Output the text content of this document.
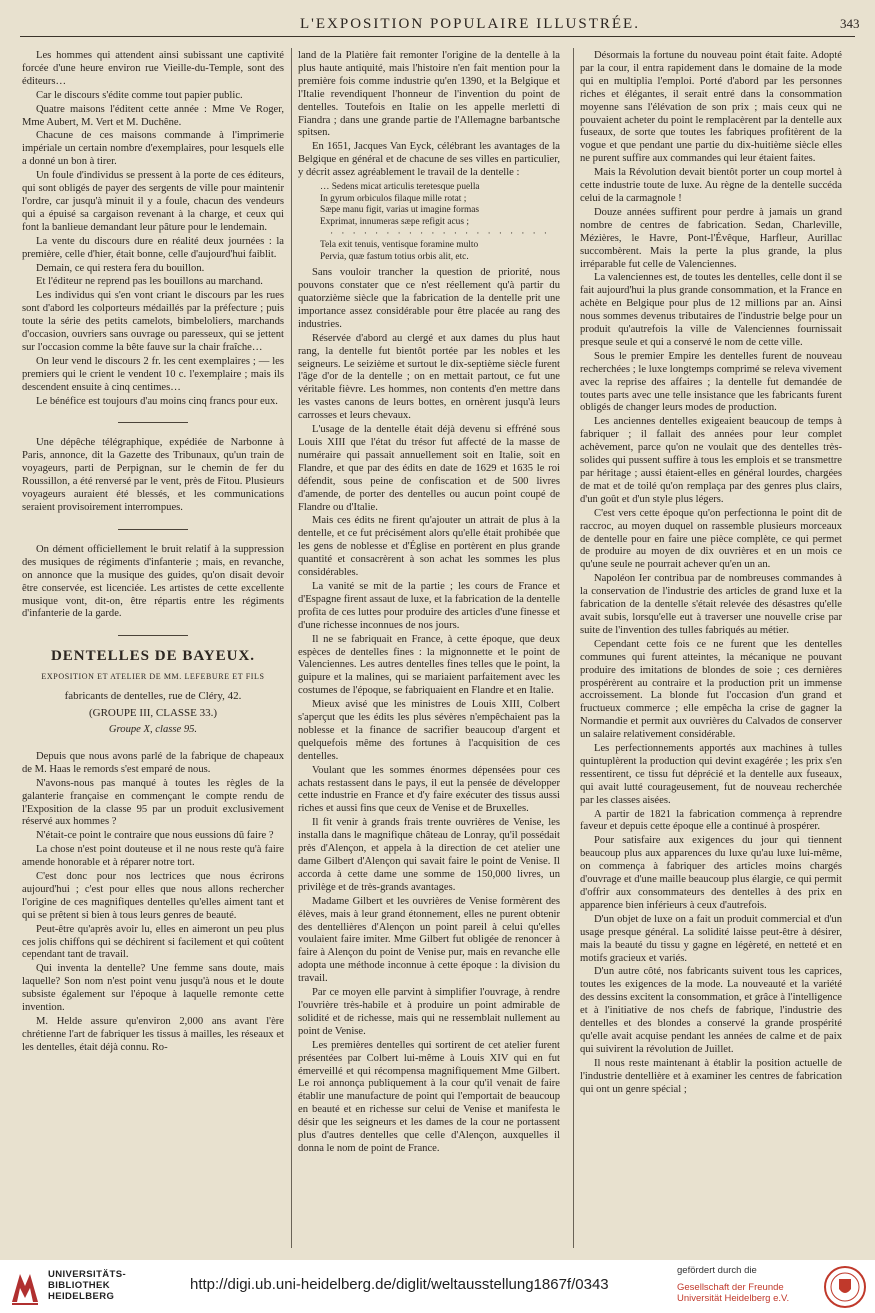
L'EXPOSITION POPULAIRE ILLUSTRÉE.	343

Les hommes qui attendent ainsi subissant une captivité forcée d'une heure environ rue Vieille-du-Temple, sont des éditeurs…

Car le discours s'édite comme tout papier public.

Quatre maisons l'éditent cette année : Mme Ve Roger, Mme Aubert, M. Vert et M. Duchêne.

Chacune de ces maisons commande à l'imprimerie impériale un certain nombre d'exemplaires, pour lesquels elle a donné un bon à tirer.

Un foule d'individus se pressent à la porte de ces éditeurs, qui sont obligés de payer des sergents de ville pour maintenir l'ordre, car jusqu'à minuit il y a foule, chacun des vendeurs qui a épuisé sa cargaison revenant à la charge, et ceux qui font la banlieue demandant leur pâture pour le lendemain.

La vente du discours dure en réalité deux journées : la première, celle d'hier, était bonne, celle d'aujourd'hui faiblit.

Demain, ce qui restera fera du bouillon.

Et l'éditeur ne reprend pas les bouillons au marchand.

Les individus qui s'en vont criant le discours par les rues sont d'abord les colporteurs médaillés par la préfecture ; puis toute la série des petits camelots, bimbeloliers, marchands d'occasion, ouvriers sans ouvrage ou paresseux, qui se jettent sur l'occasion comme la bête fauve sur la chair fraîche…

On leur vend le discours 2 fr. les cent exemplaires ; — les premiers qui le crient le vendent 10 c. l'exemplaire ; mais ils descendent ensuite à cinq centimes…

Le bénéfice est toujours d'au moins cinq francs pour eux.

Une dépêche télégraphique, expédiée de Narbonne à Paris, annonce, dit la Gazette des Tribunaux, qu'un train de voyageurs, parti de Perpignan, sur le chemin de fer du Roussillon, a été renversé par le vent, près de Fitou. Plusieurs voyageurs auraient été blessés, et les communications seraient provisoirement interrompues.

On dément officiellement le bruit relatif à la suppression des musiques de régiments d'infanterie ; mais, en revanche, on annonce que la musique des guides, qu'on disait devoir être conservée, est licenciée. Les artistes de cette excellente musique vont, dit-on, être répartis entre les régiments d'infanterie de la garde.

DENTELLES DE BAYEUX.
EXPOSITION ET ATELIER DE MM. LEFEBURE ET FILS
fabricants de dentelles, rue de Cléry, 42.
(GROUPE III, CLASSE 33.)
Groupe X, classe 95.

Depuis que nous avons parlé de la fabrique de chapeaux de M. Haas le remords s'est emparé de nous.

N'avons-nous pas manqué à toutes les règles de la galanterie française en commençant le compte rendu de l'Exposition de la classe 95 par un produit exclusivement réservé aux hommes ?

N'était-ce point le contraire que nous eussions dû faire ?

La chose n'est point douteuse et il ne nous reste qu'à faire amende honorable et à réparer notre tort.

C'est donc pour nos lectrices que nous écrirons aujourd'hui ; c'est pour elles que nous allons rechercher l'origine de ces magnifiques dentelles qu'elles aiment tant et qui se prêtent si bien à tous leurs genres de beauté.

Peut-être qu'après avoir lu, elles en aimeront un peu plus ces jolis chiffons qui se déchirent si facilement et qui coûtent cependant tant de travail.

Qui inventa la dentelle? Une femme sans doute, mais laquelle? Son nom n'est point venu jusqu'à nous et le doute subsiste également sur l'époque à laquelle remonte cette invention.

M. Helde assure qu'environ 2,000 ans avant l'ère chrétienne l'art de fabriquer les tissus à mailles, les réseaux et les dentelles, était déjà connu. Ro-

land de la Platière fait remonter l'origine de la dentelle à la plus haute antiquité, mais l'histoire n'en fait mention pour la première fois comme industrie qu'en 1390, et la Belgique et l'Italie revendiquent l'honneur de l'invention du point de dentelles. Toutefois en Italie on les appelle merletti di Fiandra ; dans une grande partie de l'Allemagne barbantsche spitsen.

En 1651, Jacques Van Eyck, célébrant les avantages de la Belgique en général et de chacune de ses villes en particulier, y décrit assez agréablement le travail de la dentelle :

… Sedens micat articulis teretesque puella
In gyrum orbiculos filaque mille rotat ;
Sæpe manu figit, varias ut imagine formas
Exprimat, innumeras sæpe refigit acus ;
· · · · · · · · · · · · · · · · · · · ·
Tela exit tenuis, ventisque foramine multo
Pervia, quæ fastum totius orbis alit, etc.

Sans vouloir trancher la question de priorité, nous pouvons constater que ce n'est réellement qu'à partir du quatorzième siècle que la fabrication de la dentelle prit une importance assez considérable pour être placée au rang des industries.

Réservée d'abord au clergé et aux dames du plus haut rang, la dentelle fut bientôt portée par les nobles et les seigneurs. Le seizième et surtout le dix-septième siècle furent l'âge d'or de la dentelle ; on en mettait partout, ce fut une véritable fièvre. Les hommes, non contents d'en mettre dans les vastes canons de leurs bottes, en ornèrent jusqu'à leurs carrosses et leurs chevaux.

L'usage de la dentelle était déjà devenu si effréné sous Louis XIII que l'état du trésor fut affecté de la masse de numéraire qui passait annuellement soit en Italie, soit en Flandre, et que par des édits en date de 1629 et 1635 le roi défendit, sous peine de confiscation et de 500 livres d'amende, de porter des dentelles ou aucun point coupé de Flandre ou d'Italie.

Mais ces édits ne firent qu'ajouter un attrait de plus à la dentelle, et ce fut précisément alors qu'elle était prohibée que les gens de noblesse et d'Église en portèrent en plus grande quantité et consacrèrent à son achat les sommes les plus considérables.

La vanité se mit de la partie ; les cours de France et d'Espagne firent assaut de luxe, et la fabrication de la dentelle profita de ces luttes pour produire des articles d'une finesse et d'une richesse inconnues de nos jours.

Il ne se fabriquait en France, à cette époque, que deux espèces de dentelles fines : la mignonnette et le point de Valenciennes. Les autres dentelles fines telles que le point, la guipure et la malines, qui se mariaient parfaitement avec les costumes de l'époque, se fabriquaient en Flandre et en Italie.

Mieux avisé que les ministres de Louis XIII, Colbert s'aperçut que les édits les plus sévères n'empêchaient pas la noblesse et la finance de sacrifier beaucoup d'argent et quelquefois même des fortunes à l'acquisition de ces dentelles.

Voulant que les sommes énormes dépensées pour ces achats restassent dans le pays, il eut la pensée de développer cette industrie en France et d'y faire exécuter des tissus aussi riches et aussi fins que ceux de Venise et de Bruxelles.

Il fit venir à grands frais trente ouvrières de Venise, les installa dans le magnifique château de Lonray, qu'il possédait près d'Alençon, et appela à la direction de cet atelier une dame Gilbert d'Alençon qui savait faire le point de Venise. Il accorda à cette dame une somme de 150,000 livres, un privilège et de très-grands avantages.

Madame Gilbert et les ouvrières de Venise formèrent des élèves, mais à leur grand étonnement, elles ne purent obtenir des dentellières d'Alençon un point pareil à celui qu'elles voulaient faire imiter. Mme Gilbert fut obligée de renoncer à faire à Alençon du point de Venise pur, mais en revanche elle adopta une méthode inconnue à cette époque : la division du travail.

Par ce moyen elle parvint à simplifier l'ouvrage, à rendre l'ouvrière très-habile et à produire un point admirable de solidité et de richesse, mais qui ne ressemblait nullement au point de Venise.

Les premières dentelles qui sortirent de cet atelier furent présentées par Colbert lui-même à Louis XIV qui en fut émerveillé et qui récompensa magnifiquement Mme Gilbert. Le roi annonça publiquement à la cour qu'il venait de faire établir une manufacture de point qui l'emportait de beaucoup en beauté et en richesse sur celui de Venise et manifesta le désir que les seigneurs et les dames de la cour ne portassent plus d'autres dentelles que celle d'Alençon, auxquelles il donna le nom de point de France.

Désormais la fortune du nouveau point était faite. Adopté par la cour, il entra rapidement dans le domaine de la mode qui en multiplia l'emploi. Porté d'abord par les personnes riches et élégantes, il serait entré dans la consommation moyenne sans l'élévation de son prix ; mais ceux qui ne pouvaient acheter du point le remplacèrent par la dentelle aux fuseaux, de sorte que toutes les fabriques profitèrent de la vogue et que pendant une partie du dix-huitième siècle elles ne purent suffire aux commandes qui leur étaient faites.

Mais la Révolution devait bientôt porter un coup mortel à cette industrie toute de luxe. Au règne de la dentelle succéda celui de la carmagnole !

Douze années suffirent pour perdre à jamais un grand nombre de centres de fabrication. Sedan, Charleville, Mézières, le Havre, Pont-l'Évêque, Harfleur, Aurillac succombèrent. Mais la perte la plus grande, la plus irréparable fut celle de Valenciennes.

La valenciennes est, de toutes les dentelles, celle dont il se fait aujourd'hui la plus grande consommation, et la France en achète en Belgique pour plus de 12 millions par an. Ainsi nous sommes devenus tributaires de l'industrie belge pour un produit qu'autrefois la ville de Valenciennes fournissait presque seule et qui a conservé le nom de cette ville.

Sous le premier Empire les dentelles furent de nouveau recherchées ; le luxe longtemps comprimé se releva vivement avec la reprise des affaires ; la dentelle fut demandée de toutes parts avec une telle insistance que les fabricants furent obligés de changer leurs modes de production.

Les anciennes dentelles exigeaient beaucoup de temps à fabriquer ; il fallait des années pour leur complet achèvement, parce qu'on ne voulait que des dentelles très-solides qui pussent suffire à tous les emplois et se transmettre par héritage ; aussi étaient-elles en général lourdes, chargées de mat et de toilé qu'on remplaça par des genres plus clairs, d'un goût et d'un style plus légers.

C'est vers cette époque qu'on perfectionna le point dit de raccroc, au moyen duquel on rassemble plusieurs morceaux de dentelle pour en faire une pièce complète, ce qui permet de produire au moyen de dix ouvrières et en un mois ce qu'une seule ne pourrait achever qu'en un an.

Napoléon Ier contribua par de nombreuses commandes à la conservation de l'industrie des articles de grand luxe et la fabrication de la dentelle s'était relevée des désastres qu'elle avait subis, lorsqu'elle eut à traverser une nouvelle crise par suite de l'invention des tulles fabriqués au métier.

Cependant cette fois ce ne furent que les dentelles communes qui furent atteintes, la mécanique ne pouvant produire des imitations de blondes de soie ; ces dernières prospérèrent au contraire et la production prit un immense accroissement. La blonde fut l'occasion d'un grand et fructueux commerce ; elle empêcha la crise de gagner la Normandie et permit aux ouvrières du Calvados de conserver un salaire relativement considérable.

Les perfectionnements apportés aux machines à tulles quintuplèrent la production qui devint exagérée ; les prix s'en ressentirent, ce tissu fut déprécié et la dentelle aux fuseaux, qui avait lutté courageusement, fut de nouveau recherchée par les classes aisées.

A partir de 1821 la fabrication commença à reprendre faveur et depuis cette époque elle a continué à prospérer.

Pour satisfaire aux exigences du jour qui tiennent beaucoup plus aux apparences du luxe qu'au luxe lui-même, on commença à fabriquer des articles moins chargés d'ouvrage et d'une maille beaucoup plus élargie, ce qui permit d'offrir aux consommateurs des dentelles à des prix en apparence bien inférieurs à ceux d'autrefois.

D'un objet de luxe on a fait un produit commercial et d'un usage presque général. La solidité laisse peut-être à désirer, mais la beauté du tissu y gagne en légèreté, en netteté et en motifs gracieux et variés.

D'un autre côté, nos fabricants suivent tous les caprices, toutes les exigences de la mode. La nouveauté et la variété des dessins excitent la consommation, et grâce à l'intelligence et à l'initiative de nos chefs de fabrique, l'industrie des dentelles et des blondes a conservé la grande prospérité qu'elle avait acquise pendant les années de calme et de paix qui suivirent la révolution de Juillet.

Il nous reste maintenant à établir la position actuelle de l'industrie dentellière et à examiner les centres de fabrication qui ont un genre spécial ;

UNIVERSITÄTS-
BIBLIOTHEK
HEIDELBERG
http://digi.ub.uni-heidelberg.de/diglit/weltausstellung1867f/0343
gefördert durch die
Gesellschaft der Freunde
Universität Heidelberg e.V.
